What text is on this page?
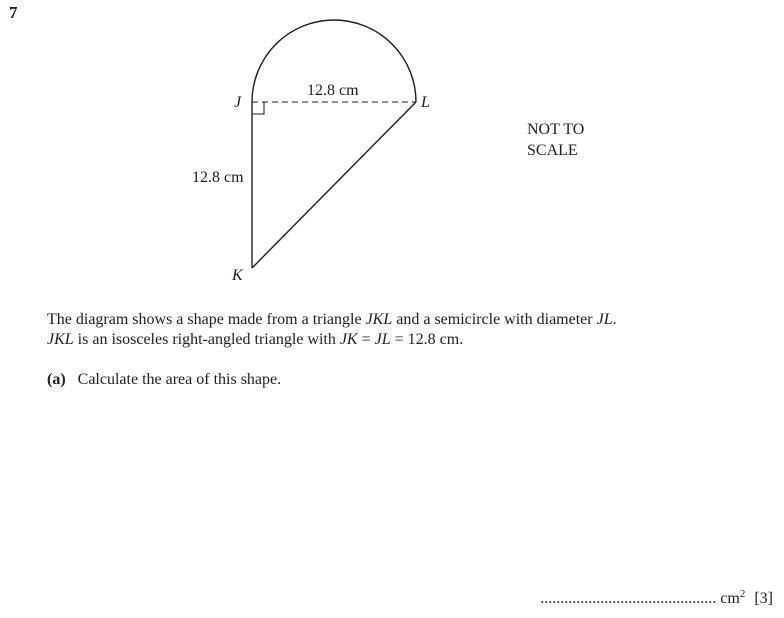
7
J	L
K
12.8 cm
12.8 cm
NOT TO
SCALE
The diagram shows a shape made from a triangle JKL and a semicircle with diameter JL.
JKL is an isosceles right-angled triangle with JK = JL = 12.8 cm.
(a) Calculate the area of this shape.
............................................ $cm^2$ [3]
